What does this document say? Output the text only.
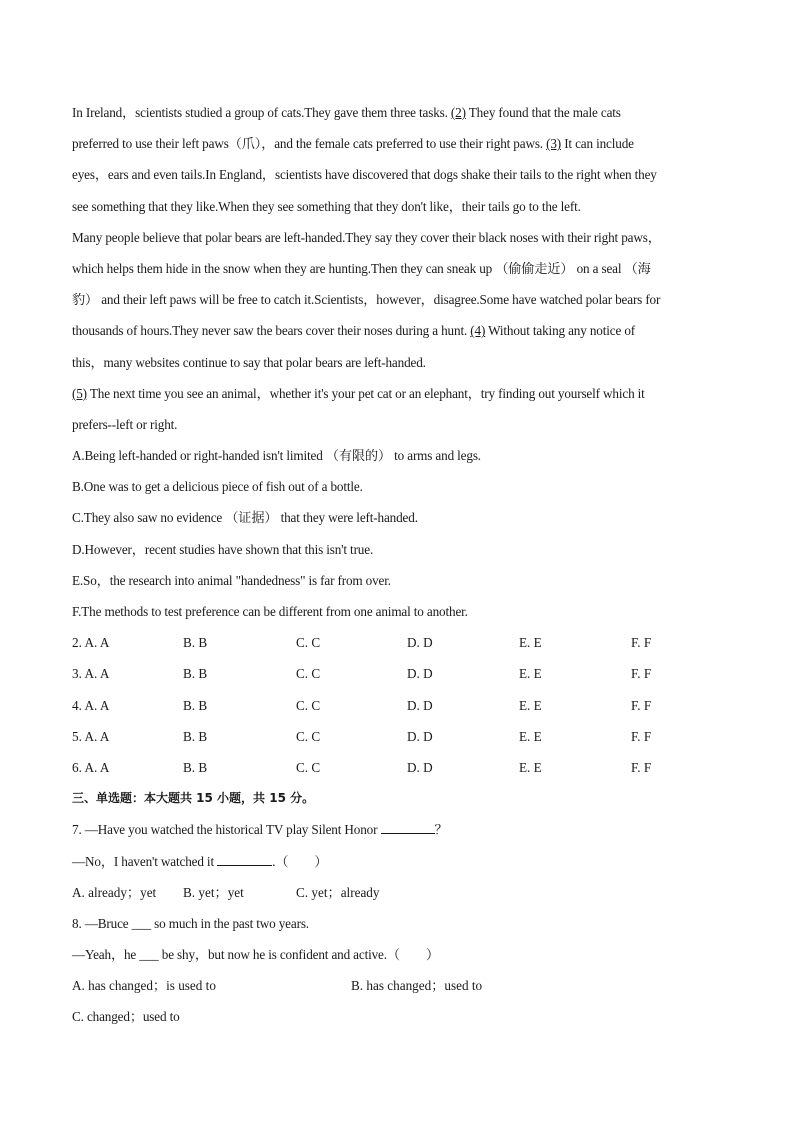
In Ireland，scientists studied a group of cats.They gave them three tasks. (2) They found that the male cats
preferred to use their left paws（爪），and the female cats preferred to use their right paws. (3) It can include
eyes，ears and even tails.In England，scientists have discovered that dogs shake their tails to the right when they
see something that they like.When they see something that they don't like，their tails go to the left.
Many people believe that polar bears are left-handed.They say they cover their black noses with their right paws，
which helps them hide in the snow when they are hunting.Then they can sneak up （偷偷走近） on a seal （海
豹） and their left paws will be free to catch it.Scientists，however，disagree.Some have watched polar bears for
thousands of hours.They never saw the bears cover their noses during a hunt. (4) Without taking any notice of
this，many websites continue to say that polar bears are left-handed.
(5) The next time you see an animal，whether it's your pet cat or an elephant，try finding out yourself which it
prefers--left or right.
A.Being left-handed or right-handed isn't limited （有限的） to arms and legs.
B.One was to get a delicious piece of fish out of a bottle.
C.They also saw no evidence （证据） that they were left-handed.
D.However，recent studies have shown that this isn't true.
E.So，the research into animal "handedness" is far from over.
F.The methods to test preference can be different from one animal to another.
2. A. A	B. B	C. C	D. D	E. E	F. F
3. A. A	B. B	C. C	D. D	E. E	F. F
4. A. A	B. B	C. C	D. D	E. E	F. F
5. A. A	B. B	C. C	D. D	E. E	F. F
6. A. A	B. B	C. C	D. D	E. E	F. F
三、单选题：本大题共 15 小题，共 15 分。
7. —Have you watched the historical TV play Silent Honor	？
—No，I haven't watched it	.（　　）
A. already；yet	B. yet；yet	C. yet；already
8. —Bruce ___ so much in the past two years.
—Yeah，he ___ be shy，but now he is confident and active.（　　）
A. has changed；is used to	B. has changed；used to
C. changed；used to
